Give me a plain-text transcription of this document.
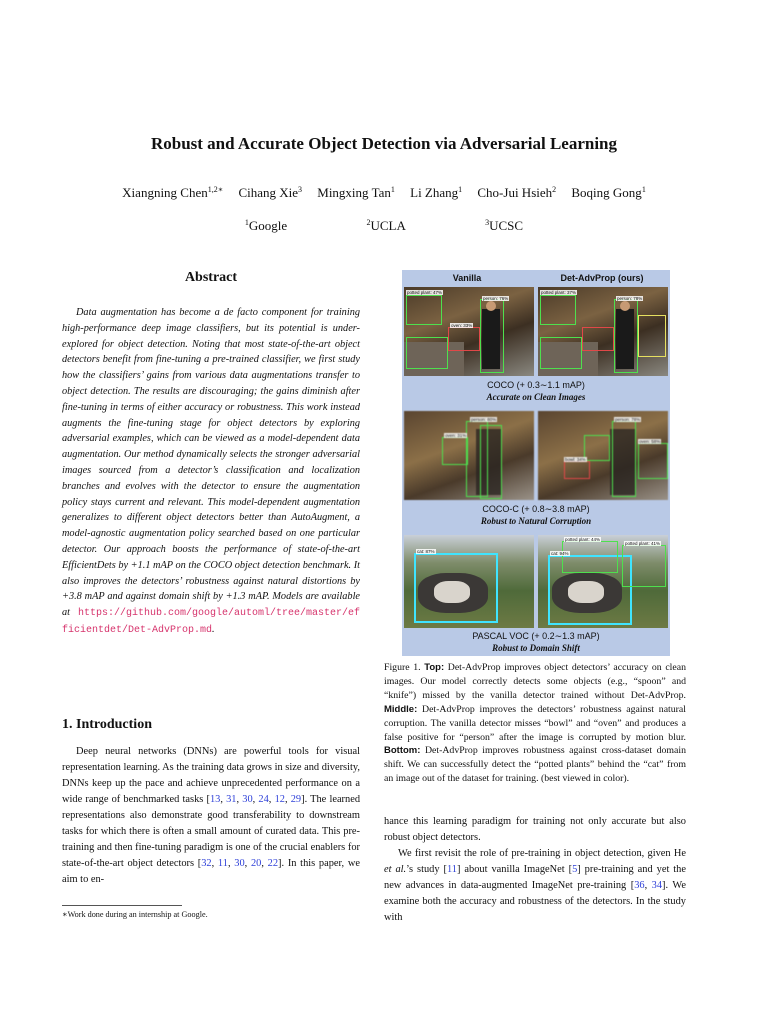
Robust and Accurate Object Detection via Adversarial Learning
Xiangning Chen$^{1,2∗}$ Cihang Xie$^3$ Mingxing Tan$^1$ Li Zhang$^1$ Cho-Jui Hsieh$^2$ Boqing Gong$^1$
$^1$Google	$^2$UCLA	$^3$UCSC
Abstract

Data augmentation has become a de facto component for training high-performance deep image classifiers, but its potential is under-explored for object detection. Noting that most state-of-the-art object detectors benefit from fine-tuning a pre-trained classifier, we first study how the classifiers’ gains from various data augmentations transfer to object detection. The results are discouraging; the gains diminish after fine-tuning in terms of either accuracy or robustness. This work instead augments the fine-tuning stage for object detectors by exploring adversarial examples, which can be viewed as a model-dependent data augmentation. Our method dynamically selects the stronger adversarial images sourced from a detector’s classification and localization branches and evolves with the detector to ensure the augmentation policy stays current and relevant. This model-dependent augmentation generalizes to different object detectors better than AutoAugment, a model-agnostic augmentation policy searched based on one particular detector. Our approach boosts the performance of state-of-the-art EfficientDets by +1.1 mAP on the COCO object detection benchmark. It also improves the detectors’ robustness against natural distortions by +3.8 mAP and against domain shift by +1.3 mAP. Models are available at https://github.com/google/automl/tree/master/efficientdet/Det-AdvProp.md.

1. Introduction

Deep neural networks (DNNs) are powerful tools for visual representation learning. As the training data grows in size and diversity, DNNs keep up the pace and achieve unprecedented performance on a wide range of benchmarked tasks [13, 31, 30, 24, 12, 29]. The learned representations also demonstrate good transferability to downstream tasks for which there is often a small amount of curated data. This pre-training and then fine-tuning paradigm is one of the crucial enablers for state-of-the-art object detectors [32, 11, 30, 20, 22]. In this paper, we aim to en-

∗Work done during an internship at Google.

Vanilla	Det-AdvProp (ours)
potted plant: 47%
person: 76%
oven: 33%
potted plant: 37%
person: 78%
COCO (+ 0.3∼1.1 mAP)
Accurate on Clean Images
person: 80%
oven: 31%
person: 78%
oven: 58%
bowl: 34%
COCO-C (+ 0.8∼3.8 mAP)
Robust to Natural Corruption
cat: 87%	cat: 94%
potted plant: 44%
potted plant: 41%
PASCAL VOC (+ 0.2∼1.3 mAP)
Robust to Domain Shift

Figure 1. Top: Det-AdvProp improves object detectors’ accuracy on clean images. Our model correctly detects some objects (e.g., “spoon” and “knife”) missed by the vanilla detector trained without Det-AdvProp. Middle: Det-AdvProp improves the detectors’ robustness against natural corruption. The vanilla detector misses “bowl” and “oven” and produces a false positive for “person” after the image is corrupted by motion blur. Bottom: Det-AdvProp improves robustness against cross-dataset domain shift. We can successfully detect the “potted plants” behind the “cat” from an image out of the dataset for training. (best viewed in color).

hance this learning paradigm for training not only accurate but also robust object detectors.
We first revisit the role of pre-training in object detection, given He et al.’s study [11] about vanilla ImageNet [5] pre-training and yet the new advances in data-augmented ImageNet pre-training [36, 34]. We examine both the accuracy and robustness of the detectors. In the study with
